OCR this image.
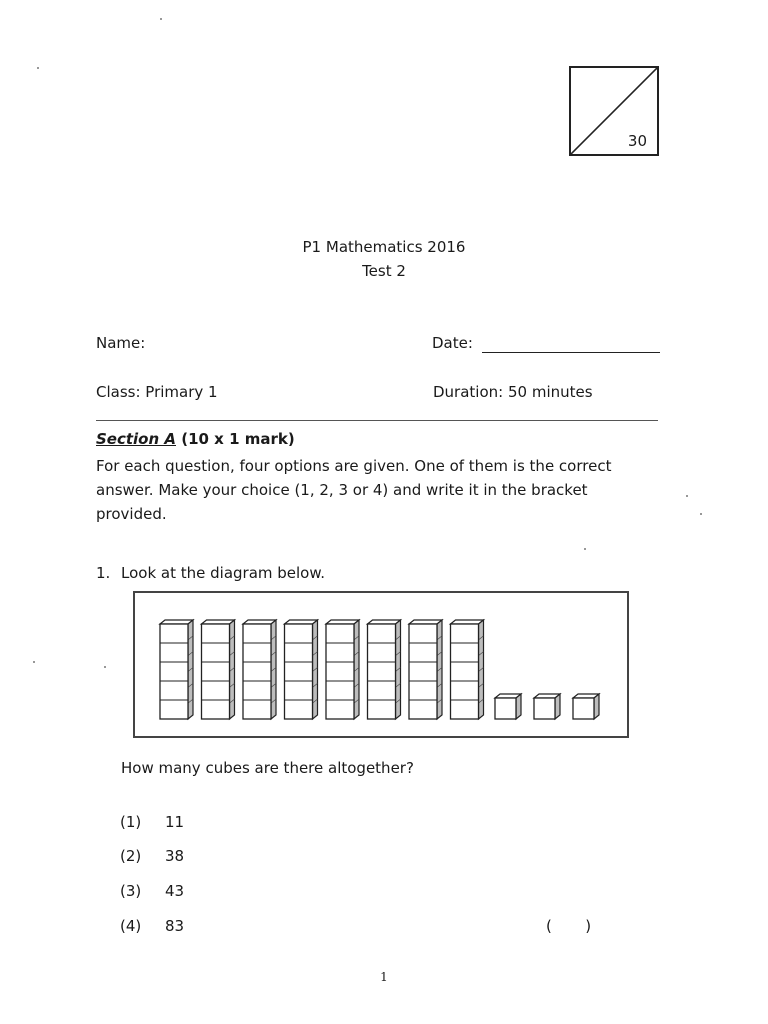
30
P1 Mathematics 2016
Test 2
Name:	Date:
Class: Primary 1	Duration: 50 minutes
Section A (10 x 1 mark)
For each question, four options are given. One of them is the correct answer. Make your choice (1, 2, 3 or 4) and write it in the bracket provided.
1. Look at the diagram below.
How many cubes are there altogether?
(1) 11
(2) 38
(3) 43
(4) 83	(       )
1
